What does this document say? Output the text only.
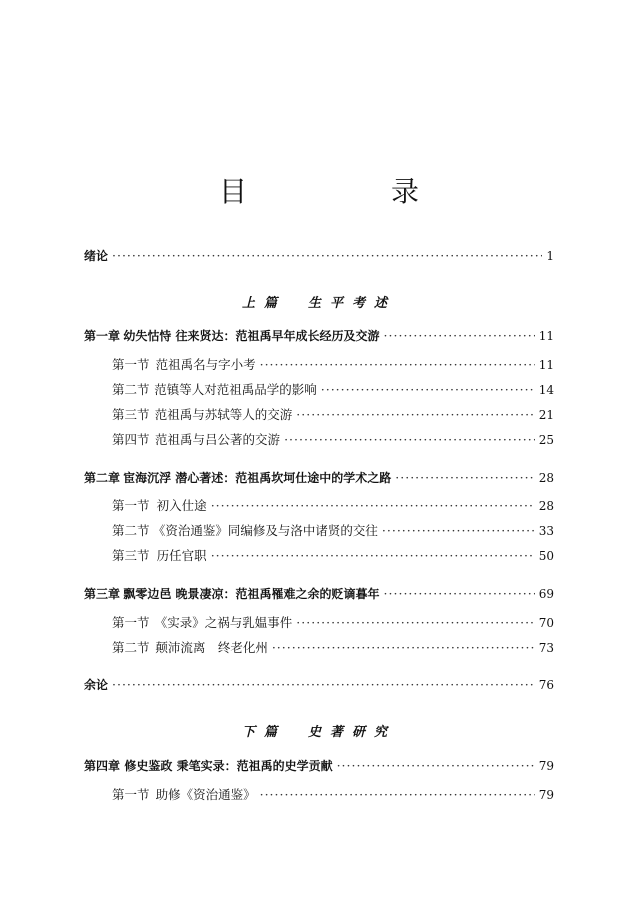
目　录
绪论 ·····	1
上篇　生平考述
第一章 幼失怙恃 往来贤达：范祖禹早年成长经历及交游 ·····	11
第一节 范祖禹名与字小考 ·····	11
第二节 范镇等人对范祖禹品学的影响 ·····	14
第三节 范祖禹与苏轼等人的交游 ·····	21
第四节 范祖禹与吕公著的交游 ·····	25
第二章 宦海沉浮 潜心著述：范祖禹坎坷仕途中的学术之路 ·····	28
第一节 初入仕途 ·····	28
第二节 《资治通鉴》同编修及与洛中诸贤的交往 ·····	33
第三节 历任官职 ·····	50
第三章 飘零边邑 晚景凄凉：范祖禹罹难之余的贬谪暮年 ·····	69
第一节 《实录》之祸与乳媪事件 ·····	70
第二节 颠沛流离　终老化州 ·····	73
余论 ·····	76
下篇　史著研究
第四章 修史鉴政 秉笔实录：范祖禹的史学贡献 ·····	79
第一节 助修《资治通鉴》 ·····	79
